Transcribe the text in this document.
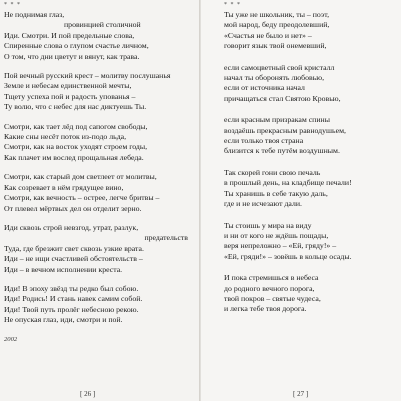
* * *
Не поднимая глаз,
провинцией столичной
Иди. Смотри. И пой предельные слова,
Спиренные слова о глупом счастье личном,
О том, что дни цветут и вянут, как трава.
Пой вечный русский крест – молитву послушанья
Земле и небесам единственной мечты,
Тщету успеха пой и радость упованья –
Ту волю, что с небес для нас диктуешь Ты.
Смотри, как тает лёд под сапогом свободы,
Какие сны несёт поток из-подо льда,
Смотри, как на восток уходят строем годы,
Как плачет им вослед прощальная лебеда.
Смотри, как старый дом светлеет от молитвы,
Как созревает в нём грядущее вино,
Смотри, как вечность – острее, легче бритвы –
От плевел мёртвых дел он отделит зерно.
Иди сквозь строй невзгод, утрат, разлук,
предательств
Туда, где брезжит свет сквозь узкие врата.
Иди – не ищи счастливей обстоятельств –
Иди – в вечном исполнении креста.
Иди! В эпоху звёзд ты редко был собою.
Иди! Родись! И стань навек самим собой.
Иди! Твой путь пролёг небесною рекою.
Не опуская глаз, иди, смотри и пой.
2002
[ 26 ]
* * *
Ты уже не школьник, ты – поэт,
мой народ, беду преодолевший,
«Счастья не было и нет» –
говорит язык твой онемевший,
если самоцветный свой кристалл
начал ты оборонять любовью,
если от источника начал
причащаться стал Святою Кровью,
если красным призракам спины
воздаёшь прекрасным равнодушьем,
если только твоя страна
близится к тебе путём воздушным.
Так скорей гони свою печаль
в прошлый день, на кладбище печали!
Ты хранишь в себе такую даль,
где и не исчезают дали.
Ты стоишь у мира на виду
и ни от кого не ждёшь пощады,
веря непреложно – «Ей, гряду!» –
«Ей, гряди!» – зовёшь в кольце осады.
И пока стремишься в небеса
до родного вечного порога,
твой покров – святые чудеса,
и легка тебе твоя дорога.
[ 27 ]
